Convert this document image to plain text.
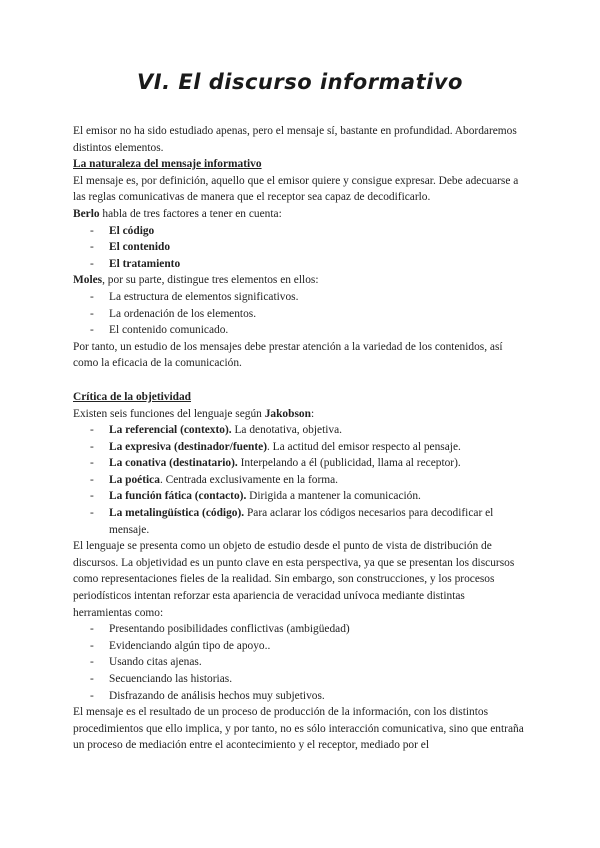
VI. El discurso informativo

El emisor no ha sido estudiado apenas, pero el mensaje sí, bastante en profundidad. Abordaremos distintos elementos.

La naturaleza del mensaje informativo

El mensaje es, por definición, aquello que el emisor quiere y consigue expresar. Debe adecuarse a las reglas comunicativas de manera que el receptor sea capaz de decodificarlo.

Berlo habla de tres factores a tener en cuenta:

- El código
- El contenido
- El tratamiento

Moles, por su parte, distingue tres elementos en ellos:

- La estructura de elementos significativos.
- La ordenación de los elementos.
- El contenido comunicado.

Por tanto, un estudio de los mensajes debe prestar atención a la variedad de los contenidos, así como la eficacia de la comunicación.

Crítica de la objetividad

Existen seis funciones del lenguaje según Jakobson:

- La referencial (contexto). La denotativa, objetiva.
- La expresiva (destinador/fuente). La actitud del emisor respecto al pensaje.
- La conativa (destinatario). Interpelando a él (publicidad, llama al receptor).
- La poética. Centrada exclusivamente en la forma.
- La función fática (contacto). Dirigida a mantener la comunicación.
- La metalingüística (código). Para aclarar los códigos necesarios para decodificar el mensaje.

El lenguaje se presenta como un objeto de estudio desde el punto de vista de distribución de discursos. La objetividad es un punto clave en esta perspectiva, ya que se presentan los discursos como representaciones fieles de la realidad. Sin embargo, son construcciones, y los procesos periodísticos intentan reforzar esta apariencia de veracidad unívoca mediante distintas herramientas como:

- Presentando posibilidades conflictivas (ambigüedad)
- Evidenciando algún tipo de apoyo..
- Usando citas ajenas.
- Secuenciando las historias.
- Disfrazando de análisis hechos muy subjetivos.

El mensaje es el resultado de un proceso de producción de la información, con los distintos procedimientos que ello implica, y por tanto, no es sólo interacción comunicativa, sino que entraña un proceso de mediación entre el acontecimiento y el receptor, mediado por el
